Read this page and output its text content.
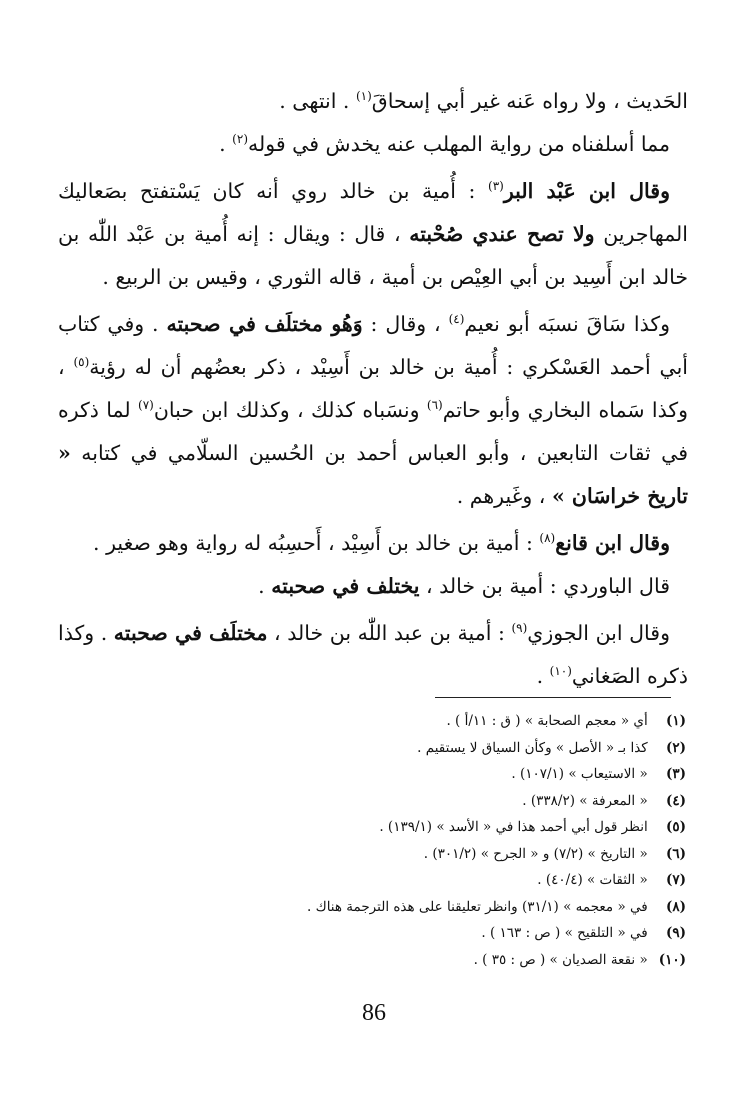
الحَديث ، ولا رواه عَنه غير أبي إسحاقَ$^{(١)}$ . انتهى .

مما أسلفناه من رواية المهلب عنه يخدش في قوله$^{(٢)}$ .

وقال ابن عَبْد البر$^{(٣)}$ : أُمية بن خالد روي أنه كان يَسْتفتح بصَعاليك المهاجرين ولا تصح عندي صُحْبته ، قال : ويقال : إنه أُمية بن عَبْد اللّٰه بن خالد ابن أَسِيد بن أبي العِيْص بن أمية ، قاله الثوري ، وقيس بن الربيع .

وكذا سَاقَ نسبَه أبو نعيم$^{(٤)}$ ، وقال : وَهُو مختلَف في صحبته . وفي كتاب أبي أحمد العَسْكري : أُمية بن خالد بن أَسِيْد ، ذكر بعضُهم أن له رؤية$^{(٥)}$ ، وكذا سَماه البخاري وأبو حاتم$^{(٦)}$ ونسَباه كذلك ، وكذلك ابن حبان$^{(٧)}$ لما ذكره في ثقات التابعين ، وأبو العباس أحمد بن الحُسين السلّامي في كتابه « تاريخ خراسَان » ، وغَيرهم .

وقال ابن قانع$^{(٨)}$ : أمية بن خالد بن أَسِيْد ، أَحسِبُه له رواية وهو صغير .

قال الباوردي : أمية بن خالد ، يختلف في صحبته .

وقال ابن الجوزي$^{(٩)}$ : أمية بن عبد اللّٰه بن خالد ، مختلَف في صحبته . وكذا ذكره الصَغاني$^{(١٠)}$ .

(١) أي « معجم الصحابة » ( ق : ١١/أ ) .
(٢) كذا بـ « الأصل » وكأن السياق لا يستقيم .
(٣) « الاستيعاب » (١٠٧/١) .
(٤) « المعرفة » (٣٣٨/٢) .
(٥) انظر قول أبي أحمد هذا في « الأسد » (١٣٩/١) .
(٦) « التاريخ » (٧/٢) و « الجرح » (٣٠١/٢) .
(٧) « الثقات » (٤٠/٤) .
(٨) في « معجمه » (٣١/١) وانظر تعليقنا على هذه الترجمة هناك .
(٩) في « التلقيح » ( ص : ١٦٣ ) .
(١٠) « نقعة الصديان » ( ص : ٣٥ ) .
86
